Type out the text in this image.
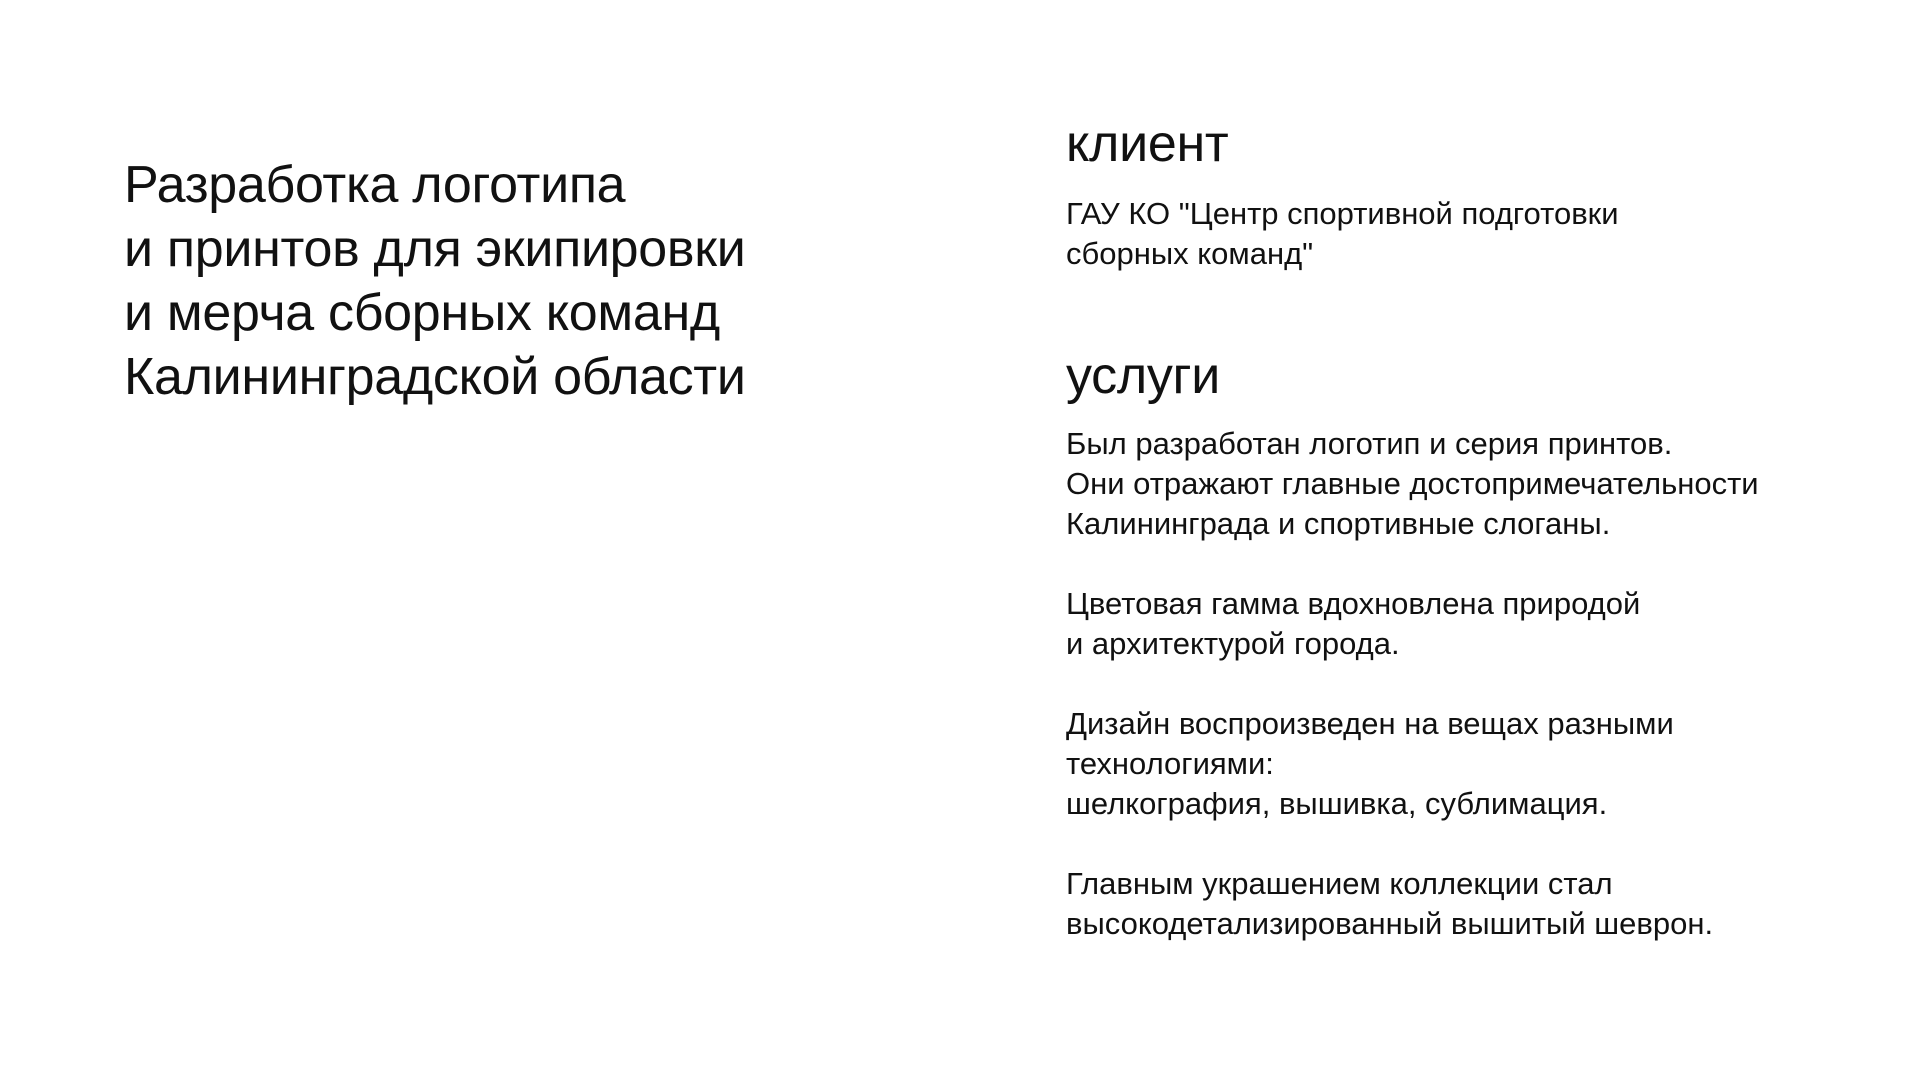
Разработка логотипа
и принтов для экипировки
и мерча сборных команд
Калининградской области
клиент

ГАУ КО "Центр спортивной подготовки
сборных команд"

услуги

Был разработан логотип и серия принтов.
Они отражают главные достопримечательности
Калининграда и спортивные слоганы.

Цветовая гамма вдохновлена природой
и архитектурой города.

Дизайн воспроизведен на вещах разными
технологиями:
шелкография, вышивка, сублимация.

Главным украшением коллекции стал
высокодетализированный вышитый шеврон.
